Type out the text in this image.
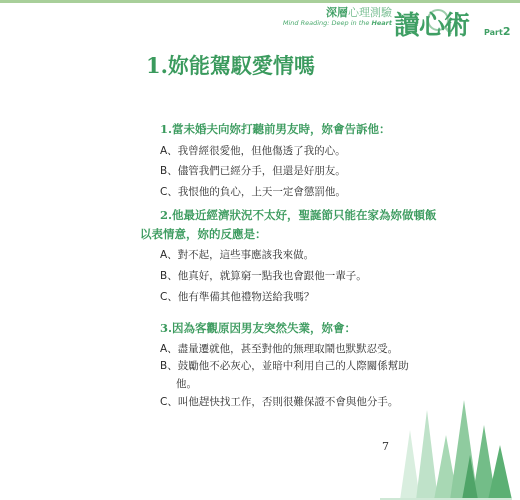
深層心理測驗
Mind Reading: Deep in the Heart 讀心術 Part2
1.妳能駕馭愛情嗎
1.當未婚夫向妳打聽前男友時，妳會告訴他：
A、我曾經很愛他，但他傷透了我的心。
B、儘管我們已經分手，但還是好朋友。
C、我恨他的負心，上天一定會懲罰他。
2.他最近經濟狀況不太好，聖誕節只能在家為妳做頓飯
以表情意，妳的反應是：
A、對不起，這些事應該我來做。
B、他真好，就算窮一點我也會跟他一輩子。
C、他有準備其他禮物送給我嗎？
3.因為客觀原因男友突然失業，妳會：
A、盡量遷就他，甚至對他的無理取鬧也默默忍受。
B、鼓勵他不必灰心，並暗中利用自己的人際關係幫助
他。
C、叫他趕快找工作，否則很難保證不會與他分手。
7
